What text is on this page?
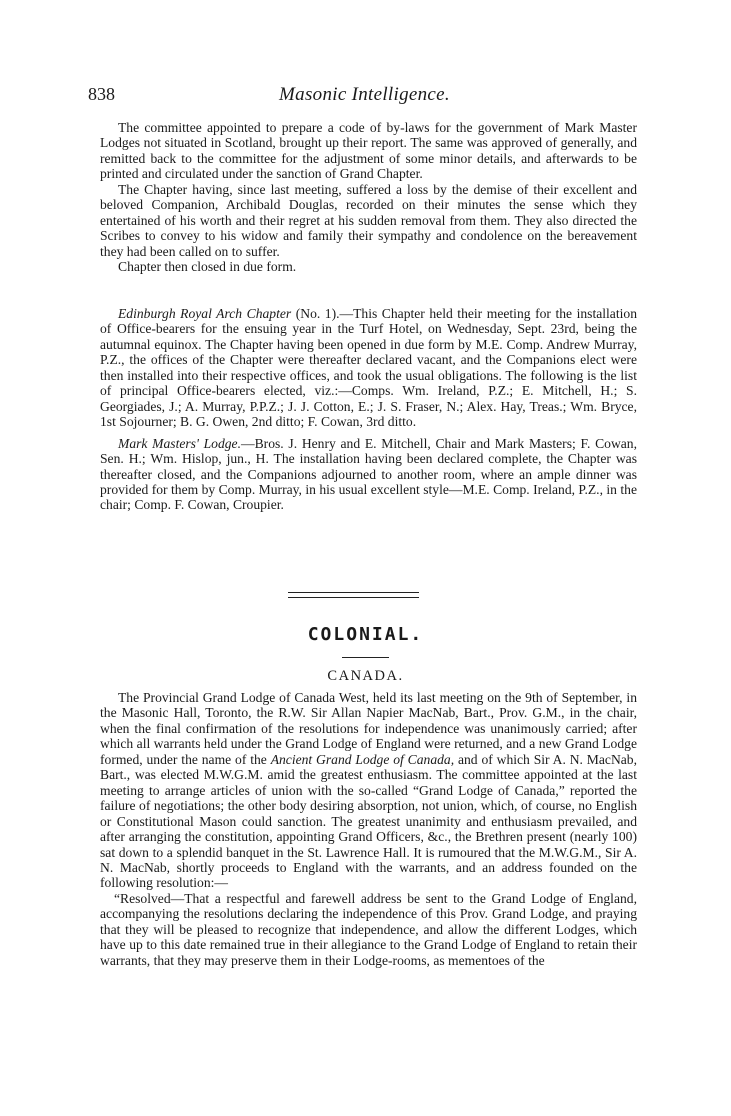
838	Masonic Intelligence.

The committee appointed to prepare a code of by-laws for the government of Mark Master Lodges not situated in Scotland, brought up their report. The same was approved of generally, and remitted back to the committee for the adjustment of some minor details, and afterwards to be printed and circulated under the sanction of Grand Chapter.

The Chapter having, since last meeting, suffered a loss by the demise of their excellent and beloved Companion, Archibald Douglas, recorded on their minutes the sense which they entertained of his worth and their regret at his sudden removal from them. They also directed the Scribes to convey to his widow and family their sympathy and condolence on the bereavement they had been called on to suffer.

Chapter then closed in due form.

Edinburgh Royal Arch Chapter (No. 1).—This Chapter held their meeting for the installation of Office-bearers for the ensuing year in the Turf Hotel, on Wednesday, Sept. 23rd, being the autumnal equinox. The Chapter having been opened in due form by M.E. Comp. Andrew Murray, P.Z., the offices of the Chapter were thereafter declared vacant, and the Companions elect were then installed into their respective offices, and took the usual obligations. The following is the list of principal Office-bearers elected, viz.:—Comps. Wm. Ireland, P.Z.; E. Mitchell, H.; S. Georgiades, J.; A. Murray, P.P.Z.; J. J. Cotton, E.; J. S. Fraser, N.; Alex. Hay, Treas.; Wm. Bryce, 1st Sojourner; B. G. Owen, 2nd ditto; F. Cowan, 3rd ditto.

Mark Masters' Lodge.—Bros. J. Henry and E. Mitchell, Chair and Mark Masters; F. Cowan, Sen. H.; Wm. Hislop, jun., H. The installation having been declared complete, the Chapter was thereafter closed, and the Companions adjourned to another room, where an ample dinner was provided for them by Comp. Murray, in his usual excellent style—M.E. Comp. Ireland, P.Z., in the chair; Comp. F. Cowan, Croupier.

COLONIAL.
CANADA.

The Provincial Grand Lodge of Canada West, held its last meeting on the 9th of September, in the Masonic Hall, Toronto, the R.W. Sir Allan Napier MacNab, Bart., Prov. G.M., in the chair, when the final confirmation of the resolutions for independence was unanimously carried; after which all warrants held under the Grand Lodge of England were returned, and a new Grand Lodge formed, under the name of the Ancient Grand Lodge of Canada, and of which Sir A. N. MacNab, Bart., was elected M.W.G.M. amid the greatest enthusiasm. The committee appointed at the last meeting to arrange articles of union with the so-called “Grand Lodge of Canada,” reported the failure of negotiations; the other body desiring absorption, not union, which, of course, no English or Constitutional Mason could sanction. The greatest unanimity and enthusiasm prevailed, and after arranging the constitution, appointing Grand Officers, &c., the Brethren present (nearly 100) sat down to a splendid banquet in the St. Lawrence Hall. It is rumoured that the M.W.G.M., Sir A. N. MacNab, shortly proceeds to England with the warrants, and an address founded on the following resolution:—

“Resolved—That a respectful and farewell address be sent to the Grand Lodge of England, accompanying the resolutions declaring the independence of this Prov. Grand Lodge, and praying that they will be pleased to recognize that independence, and allow the different Lodges, which have up to this date remained true in their allegiance to the Grand Lodge of England to retain their warrants, that they may preserve them in their Lodge-rooms, as mementoes of the
